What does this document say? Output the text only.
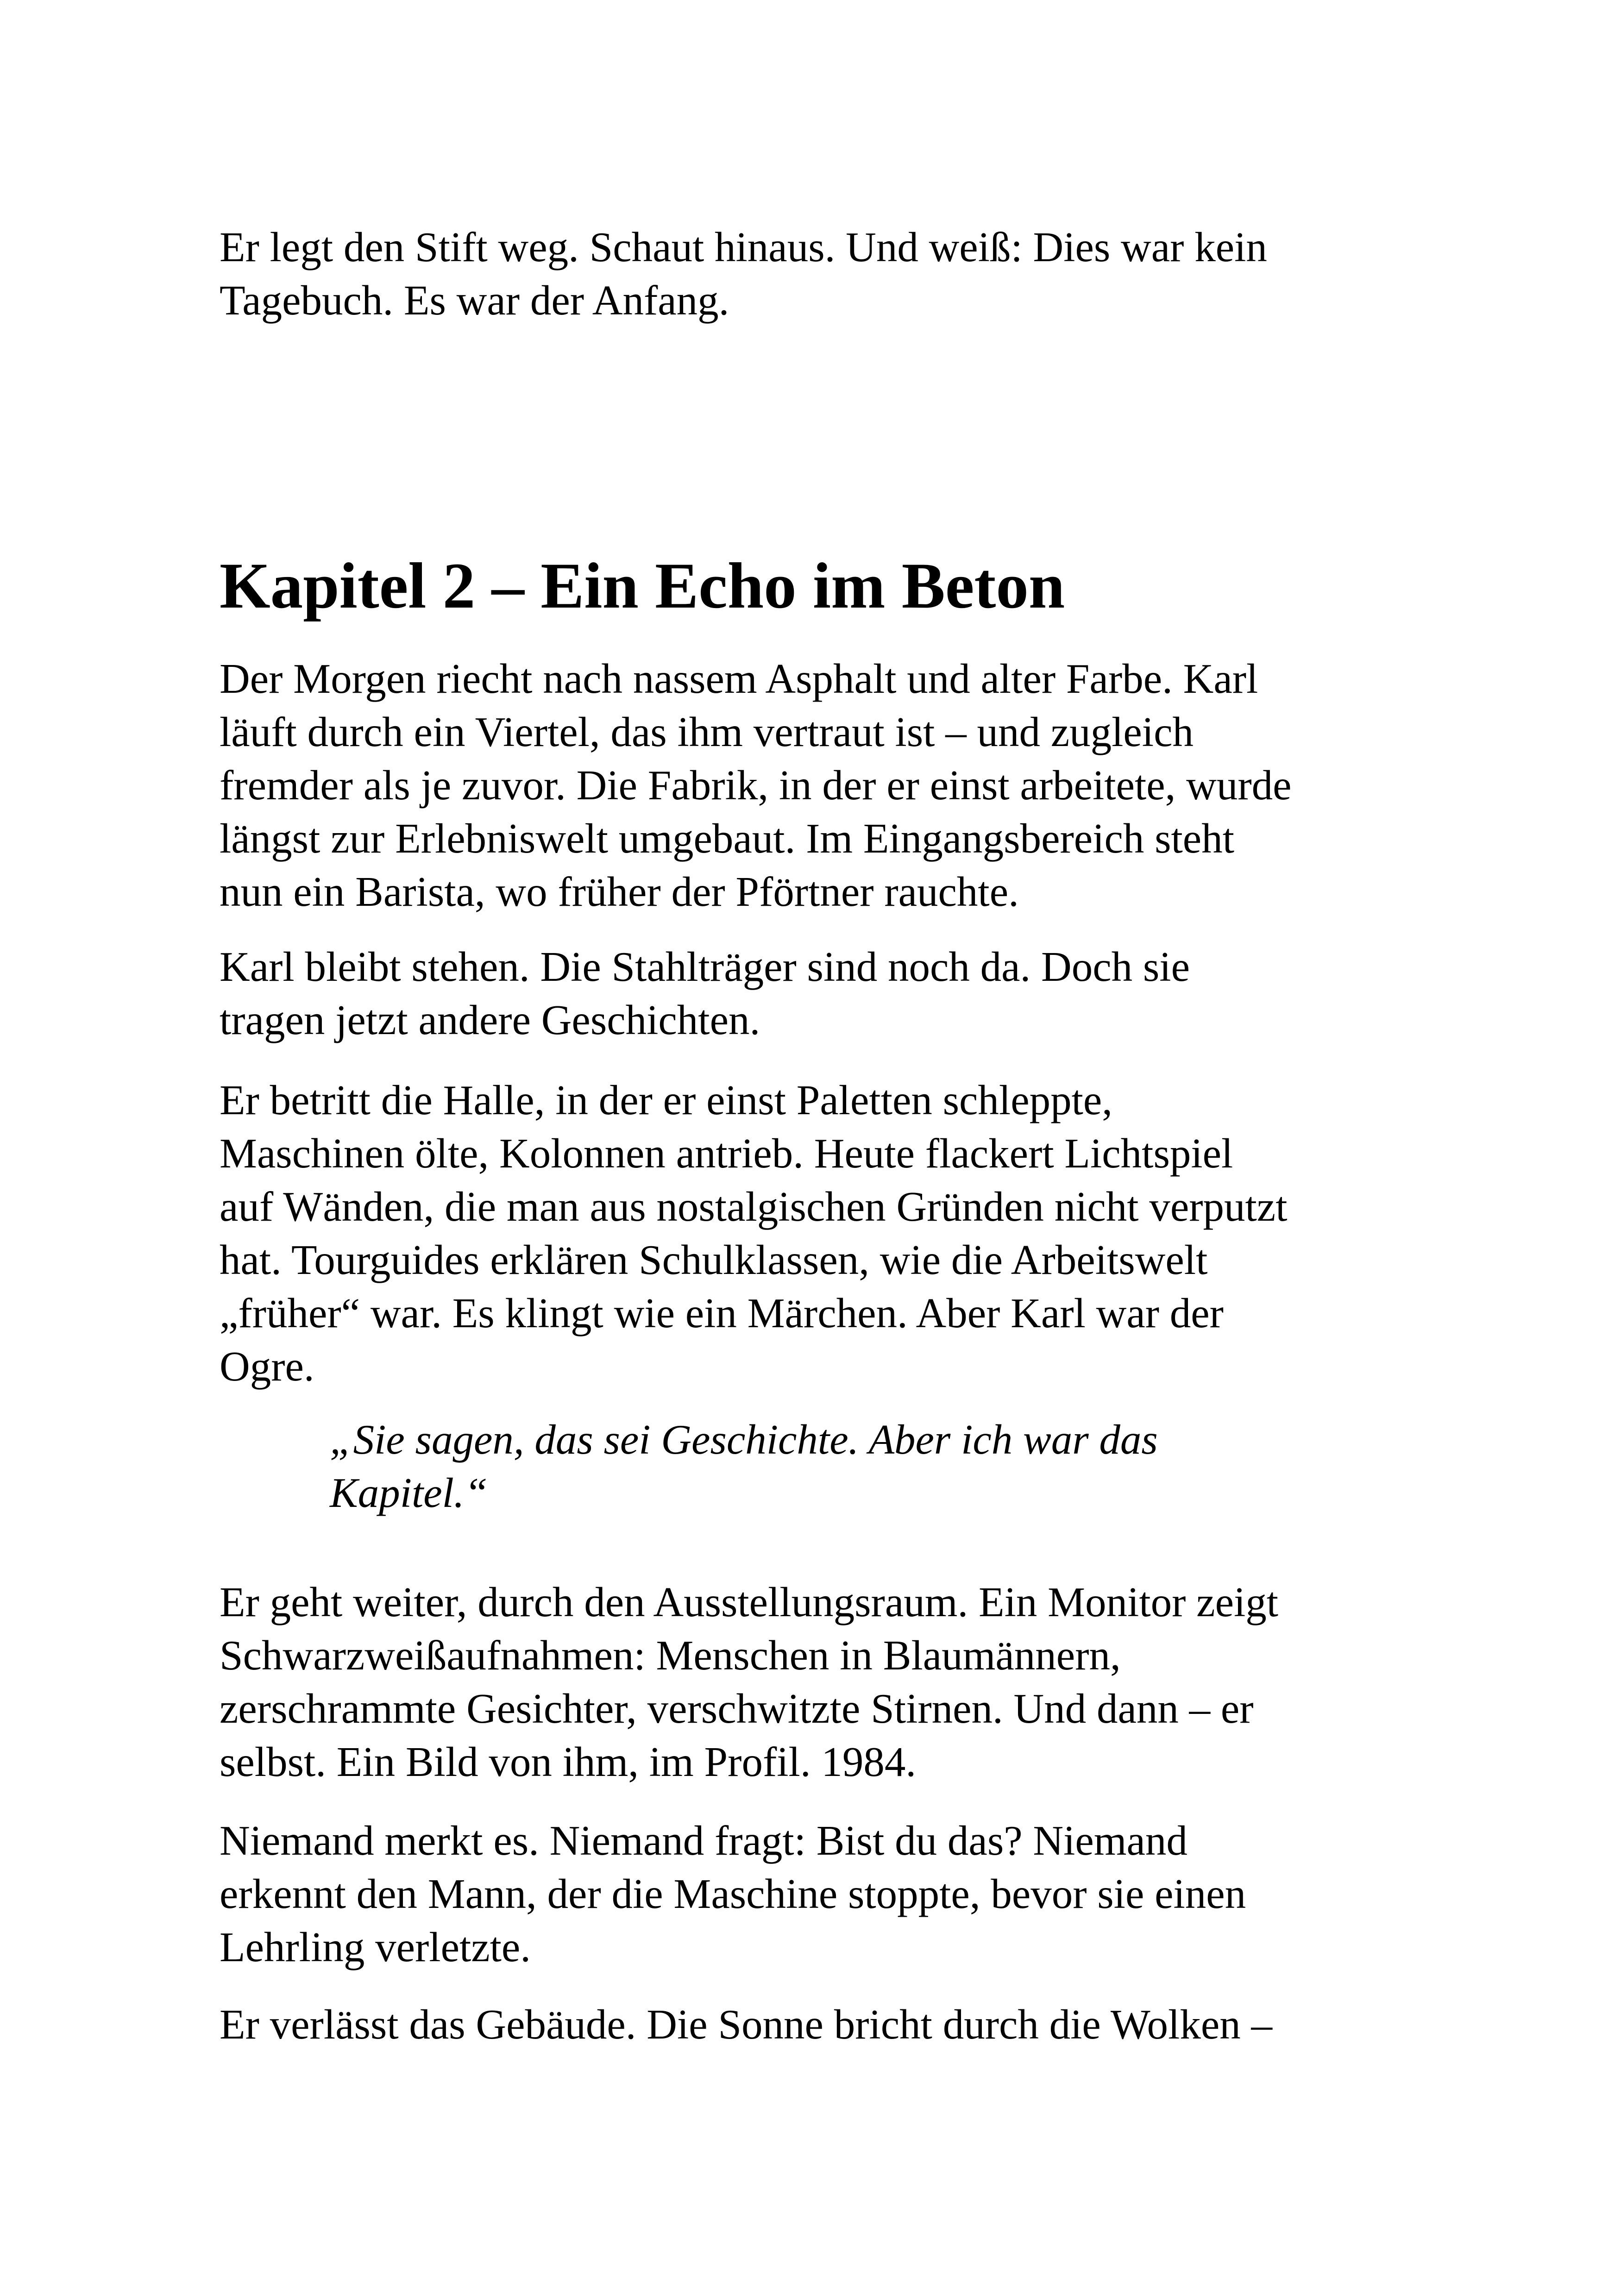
Er legt den Stift weg. Schaut hinaus. Und weiß: Dies war kein
Tagebuch. Es war der Anfang.

Kapitel 2 – Ein Echo im Beton

Der Morgen riecht nach nassem Asphalt und alter Farbe. Karl
läuft durch ein Viertel, das ihm vertraut ist – und zugleich
fremder als je zuvor. Die Fabrik, in der er einst arbeitete, wurde
längst zur Erlebniswelt umgebaut. Im Eingangsbereich steht
nun ein Barista, wo früher der Pförtner rauchte.

Karl bleibt stehen. Die Stahlträger sind noch da. Doch sie
tragen jetzt andere Geschichten.

Er betritt die Halle, in der er einst Paletten schleppte,
Maschinen ölte, Kolonnen antrieb. Heute flackert Lichtspiel
auf Wänden, die man aus nostalgischen Gründen nicht verputzt
hat. Tourguides erklären Schulklassen, wie die Arbeitswelt
„früher“ war. Es klingt wie ein Märchen. Aber Karl war der
Ogre.

„Sie sagen, das sei Geschichte. Aber ich war das
Kapitel.“

Er geht weiter, durch den Ausstellungsraum. Ein Monitor zeigt
Schwarzweißaufnahmen: Menschen in Blaumännern,
zerschrammte Gesichter, verschwitzte Stirnen. Und dann – er
selbst. Ein Bild von ihm, im Profil. 1984.

Niemand merkt es. Niemand fragt: Bist du das? Niemand
erkennt den Mann, der die Maschine stoppte, bevor sie einen
Lehrling verletzte.

Er verlässt das Gebäude. Die Sonne bricht durch die Wolken –
